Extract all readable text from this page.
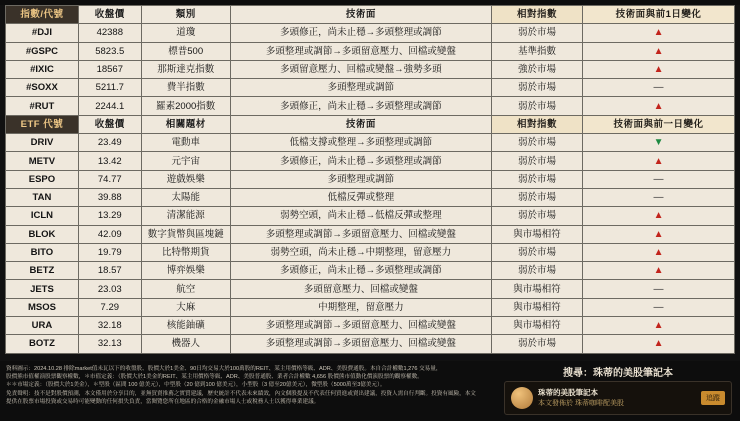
指數/代號	收盤價	類別	技術面	相對指數	技術面與前1日變化
#DJI	42388	道瓊	多頭修正，尚未止穩→多頭整理或調節	弱於市場	▲
#GSPC	5823.5	標普500	多頭整理或調節→多頭留意壓力、回檔或變盤	基準指數	▲
#IXIC	18567	那斯達克指數	多頭留意壓力、回檔或變盤→強勢多頭	強於市場	▲
#SOXX	5211.7	費半指數	多頭整理或調節	弱於市場	—
#RUT	2244.1	羅素2000指數	多頭修正，尚未止穩→多頭整理或調節	弱於市場	▲
ETF 代號	收盤價	相關題材	技術面	相對指數	技術面與前一日變化
DRIV	23.49	電動車	低檔支撐或整理→多頭整理或調節	弱於市場	▼
METV	13.42	元宇宙	多頭修正，尚未止穩→多頭整理或調節	弱於市場	▲
ESPO	74.77	遊戲娛樂	多頭整理或調節	弱於市場	—
TAN	39.88	太陽能	低檔反彈或整理	弱於市場	—
ICLN	13.29	清潔能源	弱勢空頭，尚未止穩→低檔反彈或整理	弱於市場	▲
BLOK	42.09	數字貨幣與區塊鏈	多頭整理或調節→多頭留意壓力、回檔或變盤	與市場相符	▲
BITO	19.79	比特幣期貨	弱勢空頭，尚未止穩→中期整理，留意壓力	弱於市場	▲
BETZ	18.57	博弈娛樂	多頭修正，尚未止穩→多頭整理或調節	弱於市場	▲
JETS	23.03	航空	多頭留意壓力、回檔或變盤	與市場相符	—
MSOS	7.29	大麻	中期整理，留意壓力	與市場相符	—
URA	32.18	核能鈾礦	多頭整理或調節→多頭留意壓力、回檔或變盤	與市場相符	▲
BOTZ	32.13	機器人	多頭整理或調節→多頭留意壓力、回檔或變盤	弱於市場	▲
資料圖示：2024.10.28 排除market值未瓦以下的收盤股、股價大於1美金、90日均交易大於100萬股的REIT、某主用價格等級、ADR、美股費通股。本自合計權數1,276 交易量，
股價熊市值權演股票觀察權數，＊市值定義：（股價大於1美金的REIT、某主用價格等級、ADR、美股普通股、業者合計權數 4,656 股價熊市值動化價演股票的觀察權數。
＊＊市場定義：（股價大於1美金），＊型股（區間 100 億美元），中型股（20 億到100 億美元），小型股（3 億至20億美元），微型股（5000萬至3億美元）。
免責聲明：技不是對股價預測，本文僅用於分享目的，並無買賣推薦之實質建議，歷史統計不代表未來績效，內文個股提及不代表任何買進或賣出建議，投資人需自行判斷。投資有風險，本文
提供在股票市場投資或交易時可能變動的任何損失負責，當閱覽您所在地區的合格的金融市場人士或稅務人士以獲得專業建議。
搜尋：珠蒂的美股筆記本
珠蒂的美股筆記本
本文發佈於 珠蒂咖啡配美股
追蹤
